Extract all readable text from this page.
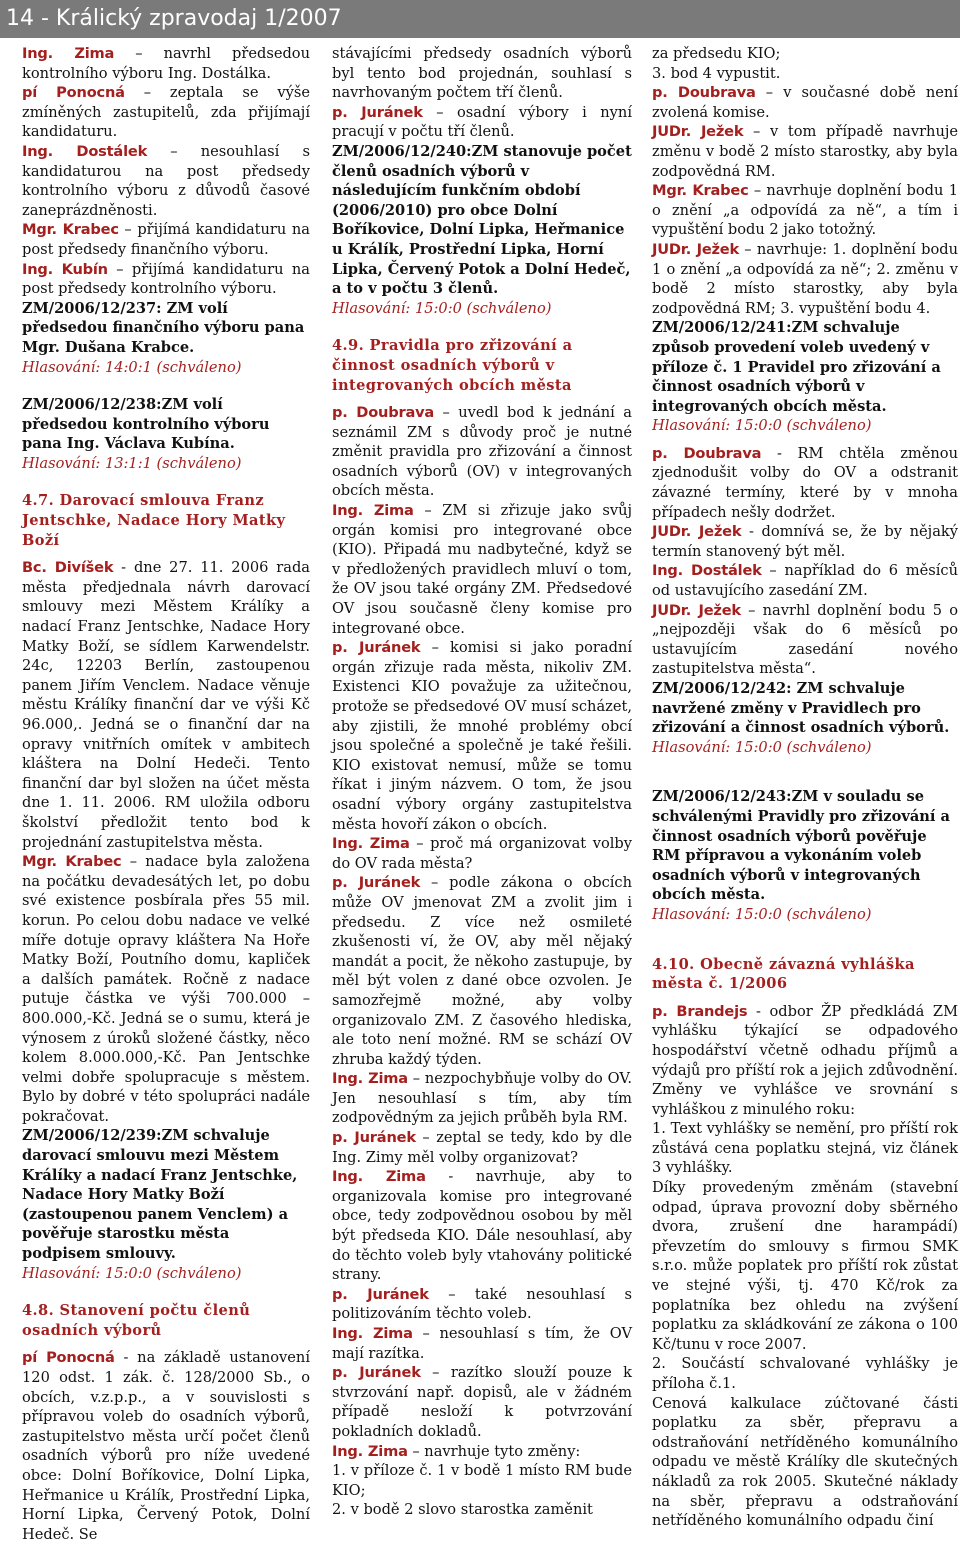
14 - Králický zpravodaj 1/2007

Ing. Zima – navrhl předsedou kontrolního výboru Ing. Dostálka.

pí Ponocná – zeptala se výše zmíněných zastupitelů, zda přijímají kandidaturu.

Ing. Dostálek – nesouhlasí s kandidaturou na post předsedy kontrolního výboru z důvodů časové zaneprázdněnosti.

Mgr. Krabec – přijímá kandidaturu na post předsedy finančního výboru.

Ing. Kubín – přijímá kandidaturu na post předsedy kontrolního výboru.

ZM/2006/12/237: ZM volí předsedou finančního výboru pana Mgr. Dušana Krabce.

Hlasování: 14:0:1 (schváleno)

ZM/2006/12/238:ZM volí předsedou kontrolního výboru pana Ing. Václava Kubína.

Hlasování: 13:1:1 (schváleno)

4.7. Darovací smlouva Franz Jentschke, Nadace Hory Matky Boží

Bc. Divíšek - dne 27. 11. 2006 rada města předjednala návrh darovací smlouvy mezi Městem Králíky a nadací Franz Jentschke, Nadace Hory Matky Boží, se sídlem Karwendelstr. 24c, 12203 Berlín, zastoupenou panem Jiřím Venclem. Nadace věnuje městu Králíky finanční dar ve výši Kč 96.000,. Jedná se o finanční dar na opravy vnitřních omítek v ambitech kláštera na Dolní Hedeči. Tento finanční dar byl složen na účet města dne 1. 11. 2006. RM uložila odboru školství předložit tento bod k projednání zastupitelstva města.

Mgr. Krabec – nadace byla založena na počátku devadesátých let, po dobu své existence posbírala přes 55 mil. korun. Po celou dobu nadace ve velké míře dotuje opravy kláštera Na Hoře Matky Boží, Poutního domu, kapliček a dalších památek. Ročně z nadace putuje částka ve výši 700.000 – 800.000,-Kč. Jedná se o sumu, která je výnosem z úroků složené částky, něco kolem 8.000.000,-Kč. Pan Jentschke velmi dobře spolupracuje s městem. Bylo by dobré v této spolupráci nadále pokračovat.

ZM/2006/12/239:ZM schvaluje darovací smlouvu mezi Městem Králíky a nadací Franz Jentschke, Nadace Hory Matky Boží (zastoupenou panem Venclem) a pověřuje starostku města podpisem smlouvy.

Hlasování: 15:0:0 (schváleno)

4.8. Stanovení počtu členů osadních výborů

pí Ponocná - na základě ustanovení 120 odst. 1 zák. č. 128/2000 Sb., o obcích, v.z.p.p., a v souvislosti s přípravou voleb do osadních výborů, zastupitelstvo města určí počet členů osadních výborů pro níže uvedené obce: Dolní Boříkovice, Dolní Lipka, Heřmanice u Králík, Prostřední Lipka, Horní Lipka, Červený Potok, Dolní Hedeč. Se

stávajícími předsedy osadních výborů byl tento bod projednán, souhlasí s navrhovaným počtem tří členů.

p. Juránek – osadní výbory i nyní pracují v počtu tří členů.

ZM/2006/12/240:ZM stanovuje počet členů osadních výborů v následujícím funkčním období (2006/2010) pro obce Dolní Boříkovice, Dolní Lipka, Heřmanice u Králík, Prostřední Lipka, Horní Lipka, Červený Potok a Dolní Hedeč, a to v počtu 3 členů.

Hlasování: 15:0:0 (schváleno)

4.9. Pravidla pro zřizování a činnost osadních výborů v integrovaných obcích města

p. Doubrava – uvedl bod k jednání a seznámil ZM s důvody proč je nutné změnit pravidla pro zřizování a činnost osadních výborů (OV) v integrovaných obcích města.

Ing. Zima – ZM si zřizuje jako svůj orgán komisi pro integrované obce (KIO). Připadá mu nadbytečné, když se v předložených pravidlech mluví o tom, že OV jsou také orgány ZM. Předsedové OV jsou současně členy komise pro integrované obce.

p. Juránek – komisi si jako poradní orgán zřizuje rada města, nikoliv ZM. Existenci KIO považuje za užitečnou, protože se předsedové OV musí scházet, aby zjistili, že mnohé problémy obcí jsou společné a společně je také řešili. KIO existovat nemusí, může se tomu říkat i jiným názvem. O tom, že jsou osadní výbory orgány zastupitelstva města hovoří zákon o obcích.

Ing. Zima – proč má organizovat volby do OV rada města?

p. Juránek – podle zákona o obcích může OV jmenovat ZM a zvolit jim i předsedu. Z více než osmileté zkušenosti ví, že OV, aby měl nějaký mandát a pocit, že někoho zastupuje, by měl být volen z dané obce ozvolen. Je samozřejmě možné, aby volby organizovalo ZM. Z časového hlediska, ale toto není možné. RM se schází OV zhruba každý týden.

Ing. Zima – nezpochybňuje volby do OV. Jen nesouhlasí s tím, aby tím zodpovědným za jejich průběh byla RM.

p. Juránek – zeptal se tedy, kdo by dle Ing. Zimy měl volby organizovat?

Ing. Zima - navrhuje, aby to organizovala komise pro integrované obce, tedy zodpovědnou osobou by měl být předseda KIO. Dále nesouhlasí, aby do těchto voleb byly vtahovány politické strany.

p. Juránek – také nesouhlasí s politizováním těchto voleb.

Ing. Zima – nesouhlasí s tím, že OV mají razítka.

p. Juránek – razítko slouží pouze k stvrzování např. dopisů, ale v žádném případě nesloží k potvrzování pokladních dokladů.

Ing. Zima – navrhuje tyto změny:

1. v příloze č. 1 v bodě 1 místo RM bude KIO;

2. v bodě 2 slovo starostka zaměnit

za předsedu KIO;

3. bod 4 vypustit.

p. Doubrava – v současné době není zvolená komise.

JUDr. Ježek – v tom případě navrhuje změnu v bodě 2 místo starostky, aby byla zodpovědná RM.

Mgr. Krabec – navrhuje doplnění bodu 1 o znění „a odpovídá za ně“, a tím i vypuštění bodu 2 jako totožný.

JUDr. Ježek – navrhuje: 1. doplnění bodu 1 o znění „a odpovídá za ně“; 2. změnu v bodě 2 místo starostky, aby byla zodpovědná RM; 3. vypuštění bodu 4.

ZM/2006/12/241:ZM schvaluje způsob provedení voleb uvedený v příloze č. 1 Pravidel pro zřizování a činnost osadních výborů v integrovaných obcích města.

Hlasování: 15:0:0 (schváleno)

p. Doubrava - RM chtěla změnou zjednodušit volby do OV a odstranit závazné termíny, které by v mnoha případech nešly dodržet.

JUDr. Ježek - domnívá se, že by nějaký termín stanovený být měl.

Ing. Dostálek – například do 6 měsíců od ustavujícího zasedání ZM.

JUDr. Ježek – navrhl doplnění bodu 5 o „nejpozději však do 6 měsíců po ustavujícím zasedání nového zastupitelstva města“.

ZM/2006/12/242: ZM schvaluje navržené změny v Pravidlech pro zřizování a činnost osadních výborů.

Hlasování: 15:0:0 (schváleno)

ZM/2006/12/243:ZM v souladu se schválenými Pravidly pro zřizování a činnost osadních výborů pověřuje RM přípravou a vykonáním voleb osadních výborů v integrovaných obcích města.

Hlasování: 15:0:0 (schváleno)

4.10. Obecně závazná vyhláška města č. 1/2006

p. Brandejs - odbor ŽP předkládá ZM vyhlášku týkající se odpadového hospodářství včetně odhadu příjmů a výdajů pro příští rok a jejich zdůvodnění. Změny ve vyhlášce ve srovnání s vyhláškou z minulého roku:

1. Text vyhlášky se nemění, pro příští rok zůstává cena poplatku stejná, viz článek 3 vyhlášky.

Díky provedeným změnám (stavební odpad, úprava provozní doby sběrného dvora, zrušení dne harampádí) převzetím do smlouvy s firmou SMK s.r.o. může poplatek pro příští rok zůstat ve stejné výši, tj. 470 Kč/rok za poplatníka bez ohledu na zvýšení poplatku za skládkování ze zákona o 100 Kč/tunu v roce 2007.

2. Součástí schvalované vyhlášky je příloha č.1.

Cenová kalkulace zúčtované části poplatku za sběr, přepravu a odstraňování netříděného komunálního odpadu ve městě Králíky dle skutečných nákladů za rok 2005. Skutečné náklady na sběr, přepravu a odstraňování netříděného komunálního odpadu činí
